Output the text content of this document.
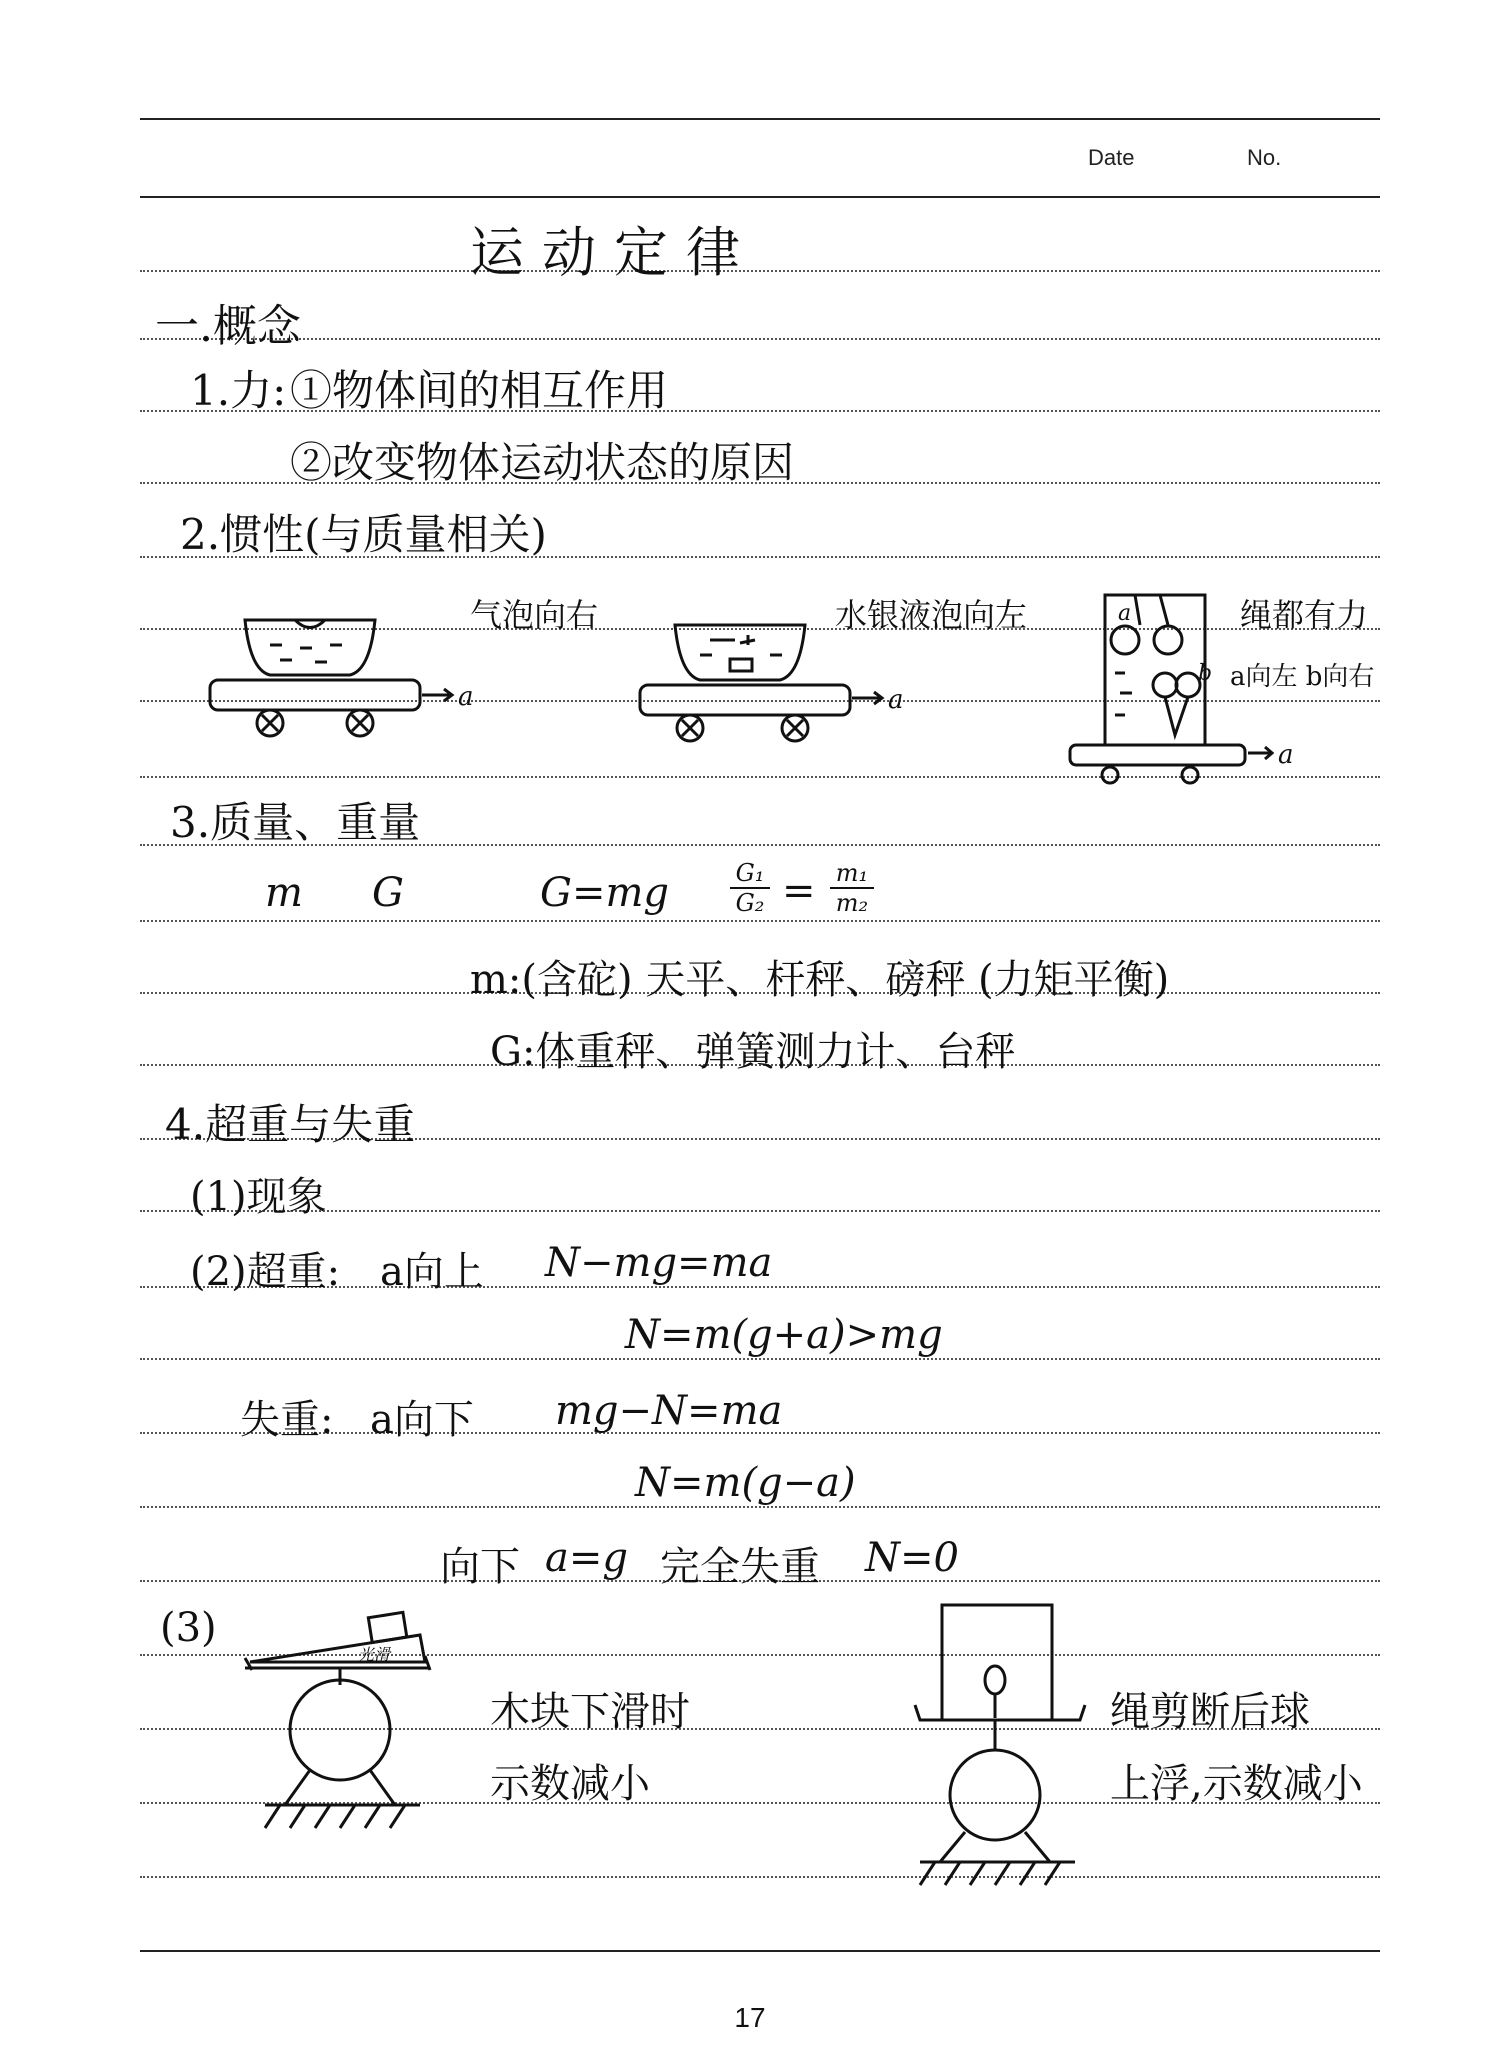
Date	No.
运动定律
一.概念
1.力: ①物体间的相互作用
②改变物体运动状态的原因
2.惯性(与质量相关)
气泡向右	水银液泡向左	绳都有力
a向左 b向右
a	a
a
b
a
3.质量、重量
m G	G=mg	G₁
G₂ = m₁
m₂
m:(含砣) 天平、杆秤、磅秤 (力矩平衡)
G:体重秤、弹簧测力计、台秤
4.超重与失重
(1)现象
(2)超重: a向上 N−mg=ma
N=m(g+a)>mg
失重: a向下 mg−N=ma
N=m(g−a)
向下 a=g 完全失重 N=0
(3)
光滑
木块下滑时
示数减小
绳剪断后球
上浮,示数减小
17
